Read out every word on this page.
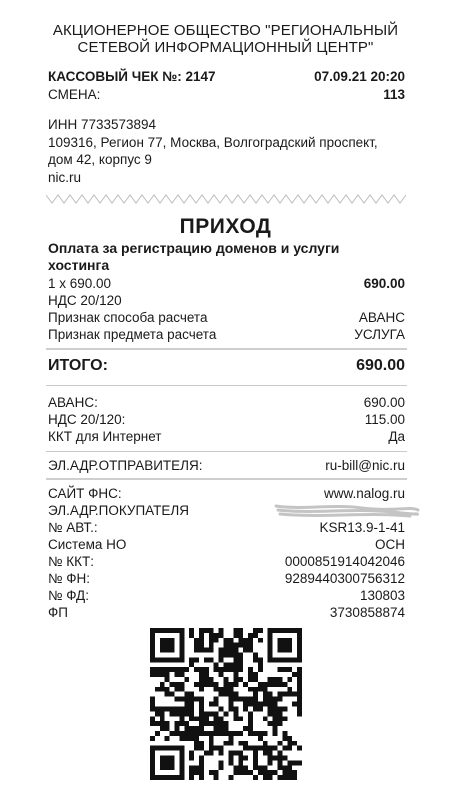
АКЦИОНЕРНОЕ ОБЩЕСТВО "РЕГИОНАЛЬНЫЙ
СЕТЕВОЙ ИНФОРМАЦИОННЫЙ ЦЕНТР"
КАССОВЫЙ ЧЕК №: 2147	07.09.21 20:20
СМЕНА:	113
ИНН 7733573894
109316, Регион 77, Москва, Волгоградский проспект,
дом 42, корпус 9
nic.ru
ПРИХОД
Оплата за регистрацию доменов и услуги
хостинга
1 x 690.00	690.00
НДС 20/120
Признак способа расчета	АВАНС
Признак предмета расчета	УСЛУГА
ИТОГО:	690.00
АВАНС:	690.00
НДС 20/120:	115.00
ККТ для Интернет	Да
ЭЛ.АДР.ОТПРАВИТЕЛЯ:	ru-bill@nic.ru
САЙТ ФНС:	www.nalog.ru
ЭЛ.АДР.ПОКУПАТЕЛЯ
№ АВТ.:	KSR13.9-1-41
Система НО	ОСН
№ ККТ:	0000851914042046
№ ФН:	9289440300756312
№ ФД:	130803
ФП	3730858874
